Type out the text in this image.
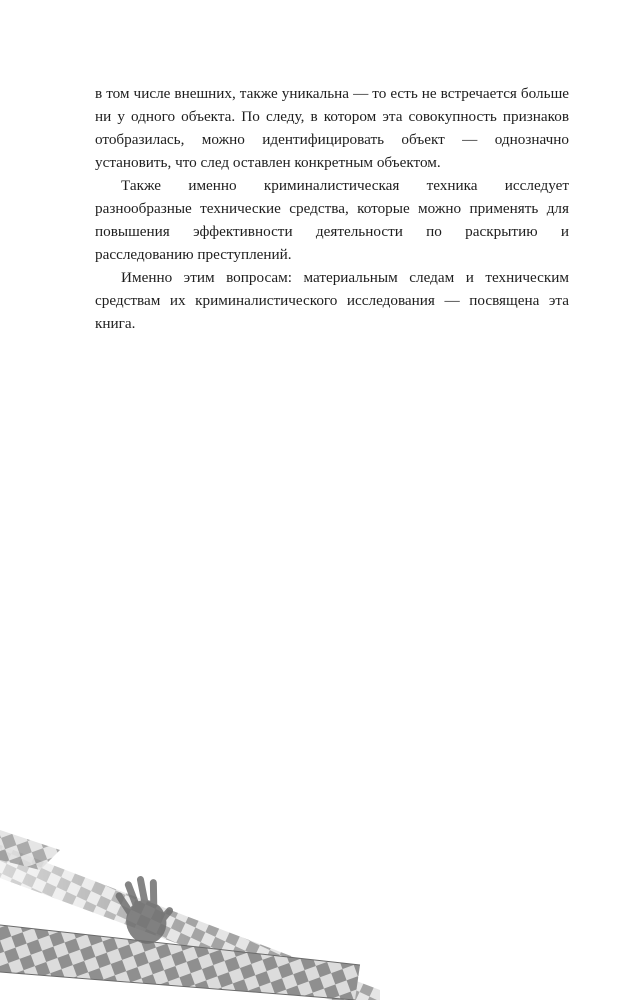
в том числе внешних, также уникальна — то есть не встречается больше ни у одного объекта. По следу, в котором эта совокупность признаков отобразилась, можно идентифицировать объект — однозначно установить, что след оставлен конкретным объектом.

Также именно криминалистическая техника исследует разнообразные технические средства, которые можно применять для повышения эффективности деятельности по раскрытию и расследованию преступлений.

Именно этим вопросам: материальным следам и техническим средствам их криминалистического исследования — посвящена эта книга.
